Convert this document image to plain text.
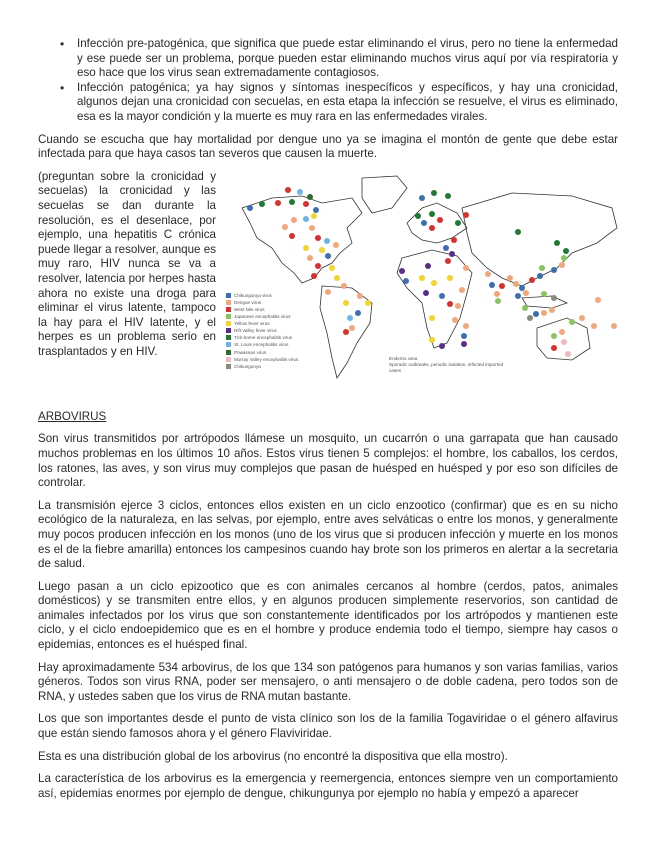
• Infección pre-patogénica, que significa que puede estar eliminando el virus, pero no tiene la enfermedad y ese puede ser un problema, porque pueden estar eliminando muchos virus aquí por vía respiratoria y eso hace que los virus sean extremadamente contagiosos.
• Infección patogénica; ya hay signos y síntomas inespecíficos y específicos, y hay una cronicidad, algunos dejan una cronicidad con secuelas, en esta etapa la infección se resuelve, el virus es eliminado, esa es la mayor condición y la muerte es muy rara en las enfermedades virales.

Cuando se escucha que hay mortalidad por dengue uno ya se imagina el montón de gente que debe estar infectada para que haya casos tan severos que causen la muerte.

(preguntan sobre la cronicidad y secuelas) la cronicidad y las secuelas se dan durante la resolución, es el desenlace, por ejemplo, una hepatitis C crónica puede llegar a resolver, aunque es muy raro, HIV nunca se va a resolver, latencia por herpes hasta ahora no existe una droga para eliminar el virus latente, tampoco la hay para el HIV latente, y el herpes es un problema serio en trasplantados y en HIV.
Chikungunya virus
Dengue virus
West Nile virus
Japanese encephalitis virus
Yellow fever virus
Rift Valley fever virus
Tick-borne encephalitis virus
St. Louis encephalitis virus
Powassan virus
Murray Valley encephalitis virus
Chikungunya
Endemic area
Sporadic outbreaks, periodic isolation, infected imported cases

ARBOVIRUS

Son virus transmitidos por artrópodos llámese un mosquito, un cucarrón o una garrapata que han causado muchos problemas en los últimos 10 años. Estos virus tienen 5 complejos: el hombre, los caballos, los cerdos, los ratones, las aves, y son virus muy complejos que pasan de huésped en huésped y por eso son difíciles de controlar.

La transmisión ejerce 3 ciclos, entonces ellos existen en un ciclo enzootico (confirmar) que es en su nicho ecológico de la naturaleza, en las selvas, por ejemplo, entre aves selváticas o entre los monos, y generalmente muy pocos producen infección en los monos (uno de los virus que si producen infección y muerte en los monos es el de la fiebre amarilla) entonces los campesinos cuando hay brote son los primeros en alertar a la secretaria de salud.

Luego pasan a un ciclo epizootico que es con animales cercanos al hombre (cerdos, patos, animales domésticos) y se transmiten entre ellos, y en algunos producen simplemente reservorios, son cantidad de animales infectados por los virus que son constantemente identificados por los artrópodos y mantienen este ciclo, y el ciclo endoepidemico que es en el hombre y produce endemia todo el tiempo, siempre hay casos o epidemias, entonces es el huésped final.

Hay aproximadamente 534 arbovirus, de los que 134 son patógenos para humanos y son varias familias, varios géneros. Todos son virus RNA, poder ser mensajero, o anti mensajero o de doble cadena, pero todos son de RNA, y ustedes saben que los virus de RNA mutan bastante.

Los que son importantes desde el punto de vista clínico son los de la familia Togaviridae o el género alfavirus que están siendo famosos ahora y el género Flaviviridae.

Esta es una distribución global de los arbovirus (no encontré la dispositiva que ella mostro).

La característica de los arbovirus es la emergencia y reemergencia, entonces siempre ven un comportamiento así, epidemias enormes por ejemplo de dengue, chikungunya por ejemplo no había y empezó a aparecer
